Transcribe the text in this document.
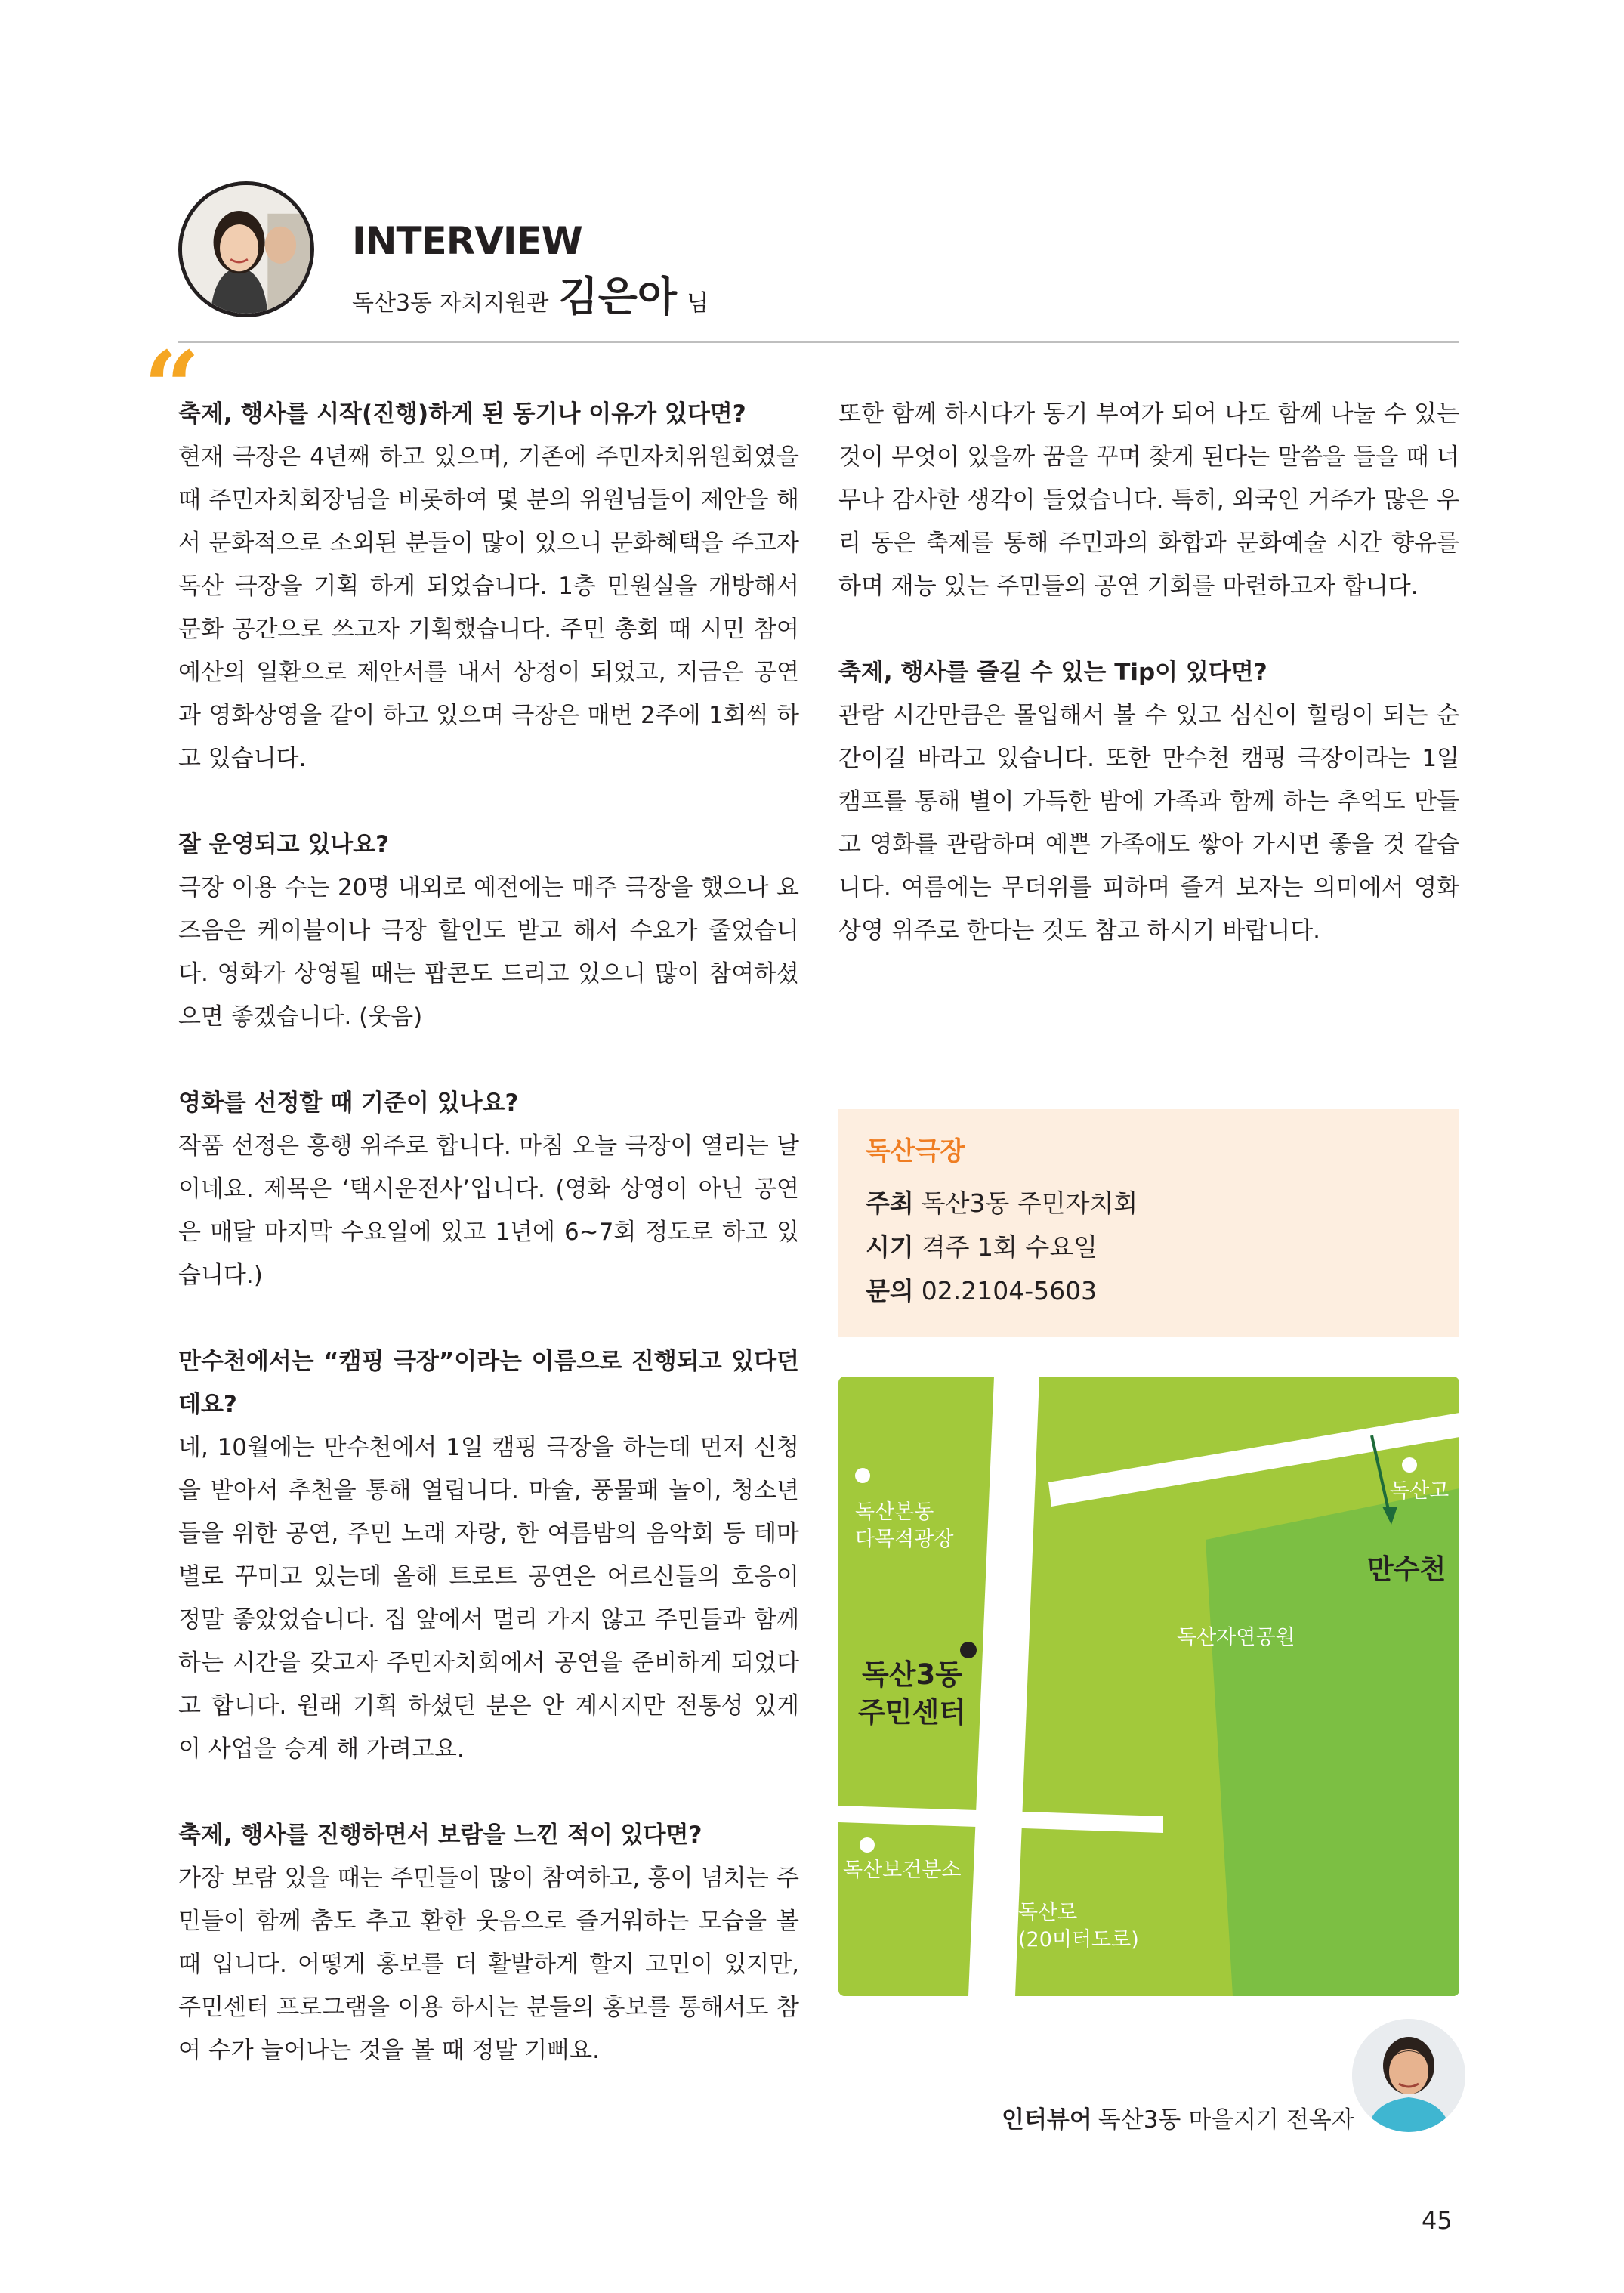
INTERVIEW
독산3동 자치지원관 김은아 님
“
축제, 행사를 시작(진행)하게 된 동기나 이유가 있다면?
현재 극장은 4년째 하고 있으며, 기존에 주민자치위원회였을 때 주민자치회장님을 비롯하여 몇 분의 위원님들이 제안을 해서 문화적으로 소외된 분들이 많이 있으니 문화혜택을 주고자 독산 극장을 기획 하게 되었습니다. 1층 민원실을 개방해서 문화 공간으로 쓰고자 기획했습니다. 주민 총회 때 시민 참여 예산의 일환으로 제안서를 내서 상정이 되었고, 지금은 공연과 영화상영을 같이 하고 있으며 극장은 매번 2주에 1회씩 하고 있습니다.
잘 운영되고 있나요?
극장 이용 수는 20명 내외로 예전에는 매주 극장을 했으나 요즈음은 케이블이나 극장 할인도 받고 해서 수요가 줄었습니다. 영화가 상영될 때는 팝콘도 드리고 있으니 많이 참여하셨으면 좋겠습니다. (웃음)
영화를 선정할 때 기준이 있나요?
작품 선정은 흥행 위주로 합니다. 마침 오늘 극장이 열리는 날이네요. 제목은 ‘택시운전사’입니다. (영화 상영이 아닌 공연은 매달 마지막 수요일에 있고 1년에 6~7회 정도로 하고 있습니다.)
만수천에서는 “캠핑 극장”이라는 이름으로 진행되고 있다던데요?
네, 10월에는 만수천에서 1일 캠핑 극장을 하는데 먼저 신청을 받아서 추천을 통해 열립니다. 마술, 풍물패 놀이, 청소년들을 위한 공연, 주민 노래 자랑, 한 여름밤의 음악회 등 테마 별로 꾸미고 있는데 올해 트로트 공연은 어르신들의 호응이 정말 좋았었습니다. 집 앞에서 멀리 가지 않고 주민들과 함께 하는 시간을 갖고자 주민자치회에서 공연을 준비하게 되었다고 합니다. 원래 기획 하셨던 분은 안 계시지만 전통성 있게 이 사업을 승계 해 가려고요.
축제, 행사를 진행하면서 보람을 느낀 적이 있다면?
가장 보람 있을 때는 주민들이 많이 참여하고, 흥이 넘치는 주민들이 함께 춤도 추고 환한 웃음으로 즐거워하는 모습을 볼 때 입니다. 어떻게 홍보를 더 활발하게 할지 고민이 있지만, 주민센터 프로그램을 이용 하시는 분들의 홍보를 통해서도 참여 수가 늘어나는 것을 볼 때 정말 기뻐요.
또한 함께 하시다가 동기 부여가 되어 나도 함께 나눌 수 있는 것이 무엇이 있을까 꿈을 꾸며 찾게 된다는 말씀을 들을 때 너무나 감사한 생각이 들었습니다. 특히, 외국인 거주가 많은 우리 동은 축제를 통해 주민과의 화합과 문화예술 시간 향유를 하며 재능 있는 주민들의 공연 기회를 마련하고자 합니다.
축제, 행사를 즐길 수 있는 Tip이 있다면?
관람 시간만큼은 몰입해서 볼 수 있고 심신이 힐링이 되는 순간이길 바라고 있습니다. 또한 만수천 캠핑 극장이라는 1일 캠프를 통해 별이 가득한 밤에 가족과 함께 하는 추억도 만들고 영화를 관람하며 예쁜 가족애도 쌓아 가시면 좋을 것 같습니다. 여름에는 무더위를 피하며 즐겨 보자는 의미에서 영화 상영 위주로 한다는 것도 참고 하시기 바랍니다.
독산극장
주최 독산3동 주민자치회
시기 격주 1회 수요일
문의 02.2104-5603
독산본동
다목적광장
독산고
만수천
독산자연공원
독산3동
주민센터
독산보건분소
독산로
(20미터도로)
인터뷰어 독산3동 마을지기 전옥자
45
